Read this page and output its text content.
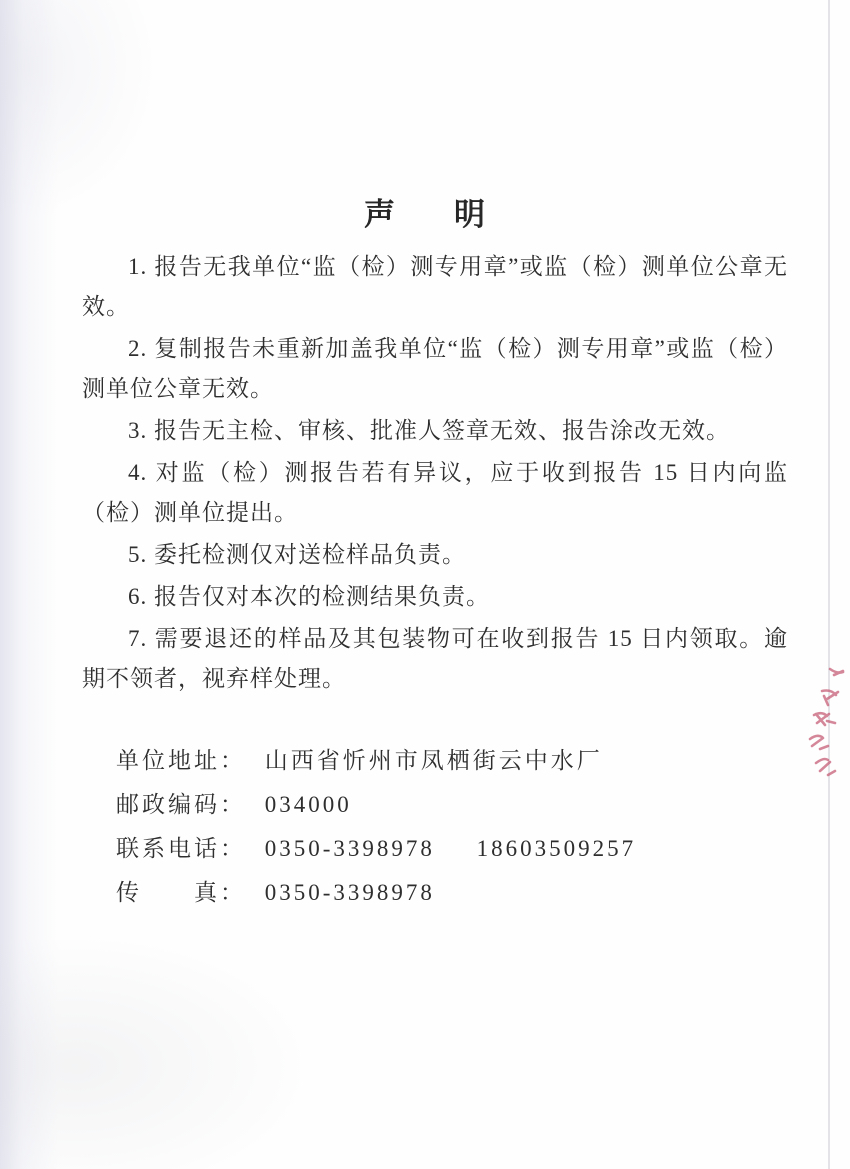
声 明

1. 报告无我单位“监（检）测专用章”或监（检）测单位公章无效。

2. 复制报告未重新加盖我单位“监（检）测专用章”或监（检）测单位公章无效。

3. 报告无主检、审核、批准人签章无效、报告涂改无效。

4. 对监（检）测报告若有异议，应于收到报告 15 日内向监（检）测单位提出。

5. 委托检测仅对送检样品负责。

6. 报告仅对本次的检测结果负责。

7. 需要退还的样品及其包装物可在收到报告 15 日内领取。逾期不领者，视弃样处理。

单位地址： 山西省忻州市凤栖街云中水厂
邮政编码： 034000
联系电话： 0350-3398978 18603509257
传　　真： 0350-3398978
